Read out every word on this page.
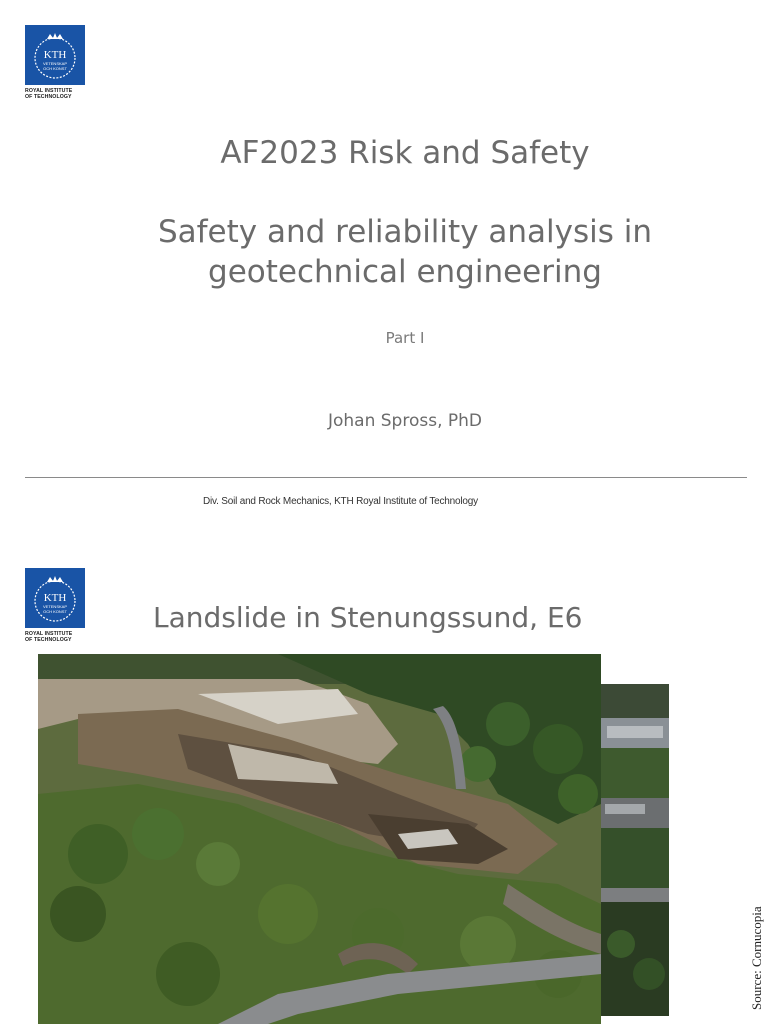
KTH
VETENSKAP
OCH KONST
ROYAL INSTITUTE
OF TECHNOLOGY
AF2023 Risk and Safety
Safety and reliability analysis in
geotechnical engineering
Part I
Johan Spross, PhD
Div. Soil and Rock Mechanics, KTH Royal Institute of Technology
KTH
VETENSKAP
OCH KONST
ROYAL INSTITUTE
OF TECHNOLOGY
Landslide in Stenungssund, E6
Source: Cornucopia
